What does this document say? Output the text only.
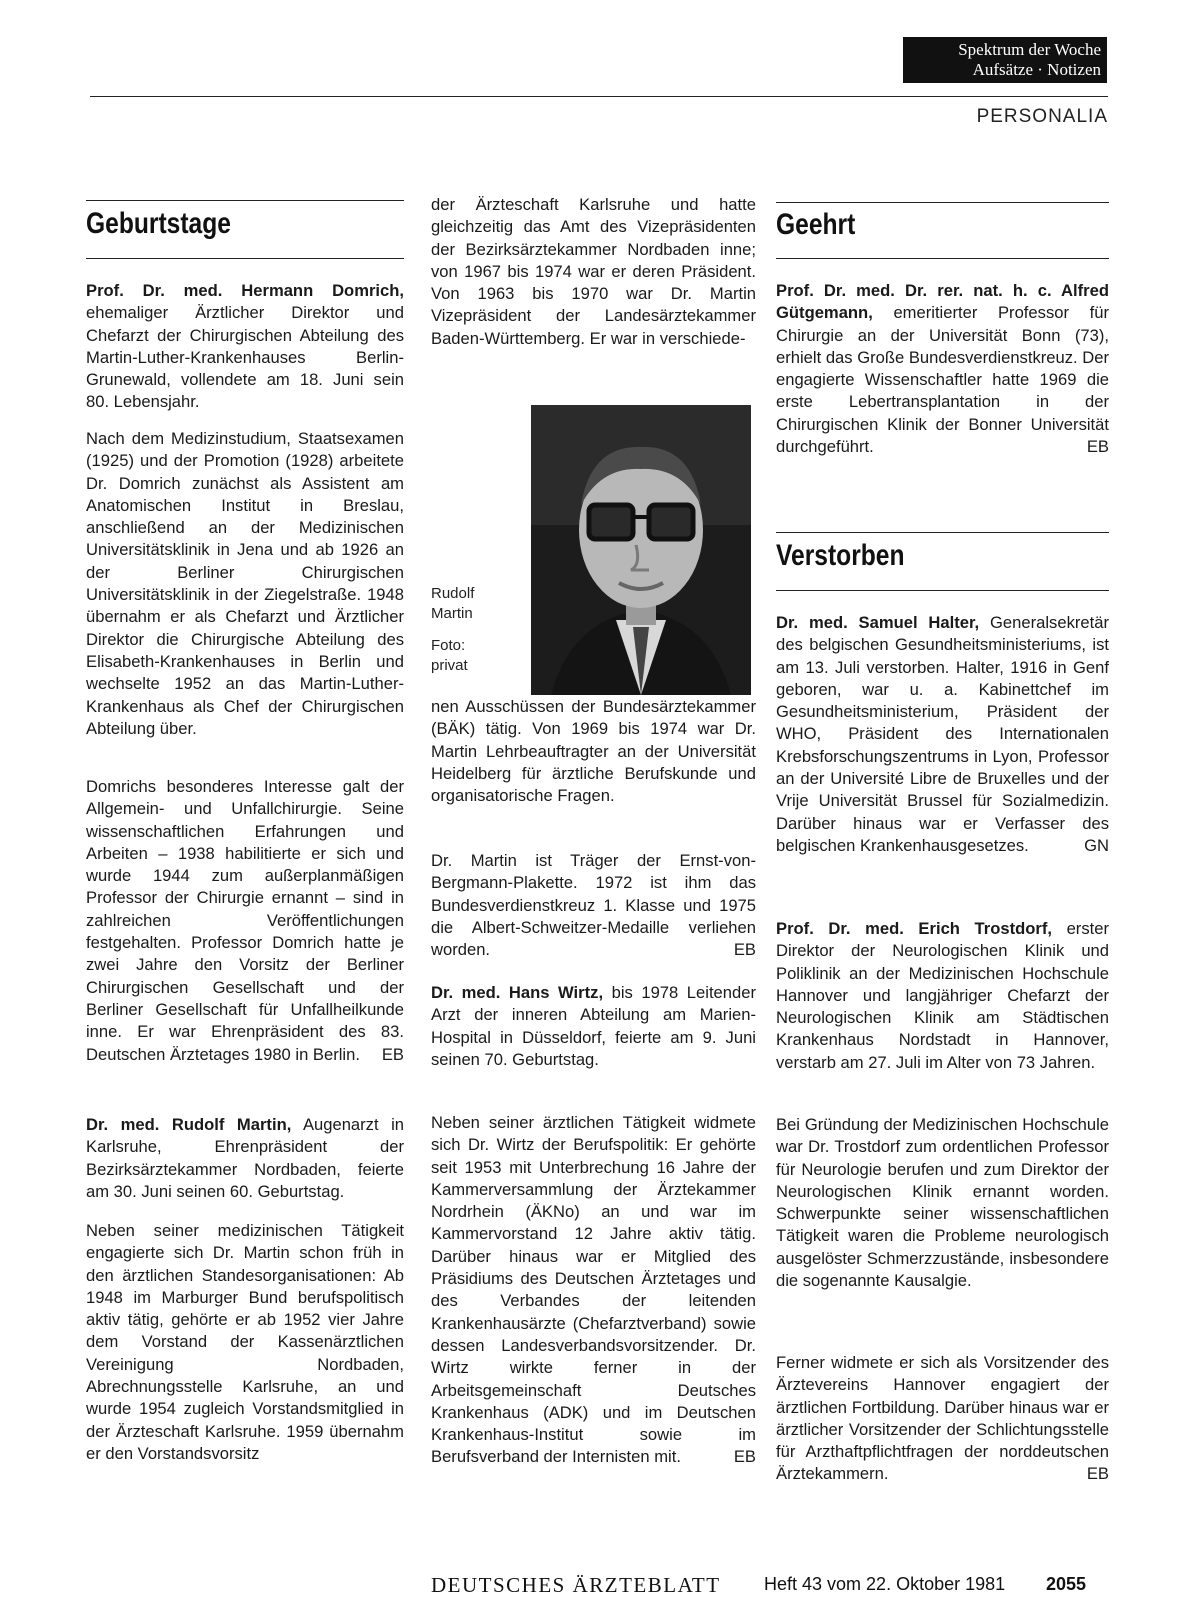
Spektrum der Woche
Aufsätze · Notizen
PERSONALIA
Geburtstage
Prof. Dr. med. Hermann Domrich, ehemaliger Ärztlicher Direktor und Chefarzt der Chirurgischen Abteilung des Martin-Luther-Krankenhauses Berlin-Grunewald, vollendete am 18. Juni sein 80. Lebensjahr.
Nach dem Medizinstudium, Staatsexamen (1925) und der Promotion (1928) arbeitete Dr. Domrich zunächst als Assistent am Anatomischen Institut in Breslau, anschließend an der Medizinischen Universitätsklinik in Jena und ab 1926 an der Berliner Chirurgischen Universitätsklinik in der Ziegelstraße. 1948 übernahm er als Chefarzt und Ärztlicher Direktor die Chirurgische Abteilung des Elisabeth-Krankenhauses in Berlin und wechselte 1952 an das Martin-Luther-Krankenhaus als Chef der Chirurgischen Abteilung über.
Domrichs besonderes Interesse galt der Allgemein- und Unfallchirurgie. Seine wissenschaftlichen Erfahrungen und Arbeiten – 1938 habilitierte er sich und wurde 1944 zum außerplanmäßigen Professor der Chirurgie ernannt – sind in zahlreichen Veröffentlichungen festgehalten. Professor Domrich hatte je zwei Jahre den Vorsitz der Berliner Chirurgischen Gesellschaft und der Berliner Gesellschaft für Unfallheilkunde inne. Er war Ehrenpräsident des 83. Deutschen Ärztetages 1980 in Berlin. EB
Dr. med. Rudolf Martin, Augenarzt in Karlsruhe, Ehrenpräsident der Bezirksärztekammer Nordbaden, feierte am 30. Juni seinen 60. Geburtstag.
Neben seiner medizinischen Tätigkeit engagierte sich Dr. Martin schon früh in den ärztlichen Standesorganisationen: Ab 1948 im Marburger Bund berufspolitisch aktiv tätig, gehörte er ab 1952 vier Jahre dem Vorstand der Kassenärztlichen Vereinigung Nordbaden, Abrechnungsstelle Karlsruhe, an und wurde 1954 zugleich Vorstandsmitglied in der Ärzteschaft Karlsruhe. 1959 übernahm er den Vorstandsvorsitz
der Ärzteschaft Karlsruhe und hatte gleichzeitig das Amt des Vizepräsidenten der Bezirksärztekammer Nordbaden inne; von 1967 bis 1974 war er deren Präsident. Von 1963 bis 1970 war Dr. Martin Vizepräsident der Landesärztekammer Baden-Württemberg. Er war in verschiede-
Rudolf
Martin
Foto:
privat
nen Ausschüssen der Bundesärztekammer (BÄK) tätig. Von 1969 bis 1974 war Dr. Martin Lehrbeauftragter an der Universität Heidelberg für ärztliche Berufskunde und organisatorische Fragen.
Dr. Martin ist Träger der Ernst-von-Bergmann-Plakette. 1972 ist ihm das Bundesverdienstkreuz 1. Klasse und 1975 die Albert-Schweitzer-Medaille verliehen worden.	EB
Dr. med. Hans Wirtz, bis 1978 Leitender Arzt der inneren Abteilung am Marien-Hospital in Düsseldorf, feierte am 9. Juni seinen 70. Geburtstag.
Neben seiner ärztlichen Tätigkeit widmete sich Dr. Wirtz der Berufspolitik: Er gehörte seit 1953 mit Unterbrechung 16 Jahre der Kammerversammlung der Ärztekammer Nordrhein (ÄKNo) an und war im Kammervorstand 12 Jahre aktiv tätig. Darüber hinaus war er Mitglied des Präsidiums des Deutschen Ärztetages und des Verbandes der leitenden Krankenhausärzte (Chefarztverband) sowie dessen Landesverbandsvorsitzender. Dr. Wirtz wirkte ferner in der Arbeitsgemeinschaft Deutsches Krankenhaus (ADK) und im Deutschen Krankenhaus-Institut sowie im Berufsverband der Internisten mit.	EB
Geehrt
Prof. Dr. med. Dr. rer. nat. h. c. Alfred Gütgemann, emeritierter Professor für Chirurgie an der Universität Bonn (73), erhielt das Große Bundesverdienstkreuz. Der engagierte Wissenschaftler hatte 1969 die erste Lebertransplantation in der Chirurgischen Klinik der Bonner Universität durchgeführt.	EB
Verstorben
Dr. med. Samuel Halter, Generalsekretär des belgischen Gesundheitsministeriums, ist am 13. Juli verstorben. Halter, 1916 in Genf geboren, war u. a. Kabinettchef im Gesundheitsministerium, Präsident der WHO, Präsident des Internationalen Krebsforschungszentrums in Lyon, Professor an der Université Libre de Bruxelles und der Vrije Universität Brussel für Sozialmedizin. Darüber hinaus war er Verfasser des belgischen Krankenhausgesetzes.	GN
Prof. Dr. med. Erich Trostdorf, erster Direktor der Neurologischen Klinik und Poliklinik an der Medizinischen Hochschule Hannover und langjähriger Chefarzt der Neurologischen Klinik am Städtischen Krankenhaus Nordstadt in Hannover, verstarb am 27. Juli im Alter von 73 Jahren.
Bei Gründung der Medizinischen Hochschule war Dr. Trostdorf zum ordentlichen Professor für Neurologie berufen und zum Direktor der Neurologischen Klinik ernannt worden. Schwerpunkte seiner wissenschaftlichen Tätigkeit waren die Probleme neurologisch ausgelöster Schmerzzustände, insbesondere die sogenannte Kausalgie.
Ferner widmete er sich als Vorsitzender des Ärztevereins Hannover engagiert der ärztlichen Fortbildung. Darüber hinaus war er ärztlicher Vorsitzender der Schlichtungsstelle für Arzthaftpflichtfragen der norddeutschen Ärztekammern.	EB
DEUTSCHES ÄRZTEBLATT Heft 43 vom 22. Oktober 1981 2055
